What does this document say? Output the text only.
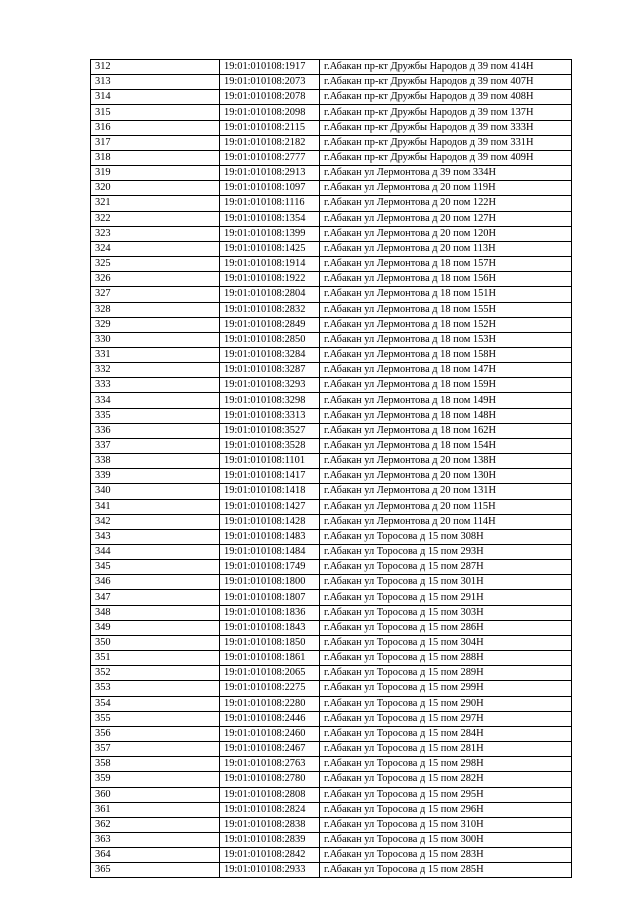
312	19:01:010108:1917	г.Абакан пр-кт Дружбы Народов д 39 пом 414Н
313	19:01:010108:2073	г.Абакан пр-кт Дружбы Народов д 39 пом 407Н
314	19:01:010108:2078	г.Абакан пр-кт Дружбы Народов д 39 пом 408Н
315	19:01:010108:2098	г.Абакан пр-кт Дружбы Народов д 39 пом 137Н
316	19:01:010108:2115	г.Абакан пр-кт Дружбы Народов д 39 пом 333Н
317	19:01:010108:2182	г.Абакан пр-кт Дружбы Народов д 39 пом 331Н
318	19:01:010108:2777	г.Абакан пр-кт Дружбы Народов д 39 пом 409Н
319	19:01:010108:2913	г.Абакан ул Лермонтова д 39 пом 334Н
320	19:01:010108:1097	г.Абакан ул Лермонтова д 20 пом 119Н
321	19:01:010108:1116	г.Абакан ул Лермонтова д 20 пом 122Н
322	19:01:010108:1354	г.Абакан ул Лермонтова д 20 пом 127Н
323	19:01:010108:1399	г.Абакан ул Лермонтова д 20 пом 120Н
324	19:01:010108:1425	г.Абакан ул Лермонтова д 20 пом 113Н
325	19:01:010108:1914	г.Абакан ул Лермонтова д 18 пом 157Н
326	19:01:010108:1922	г.Абакан ул Лермонтова д 18 пом 156Н
327	19:01:010108:2804	г.Абакан ул Лермонтова д 18 пом 151Н
328	19:01:010108:2832	г.Абакан ул Лермонтова д 18 пом 155Н
329	19:01:010108:2849	г.Абакан ул Лермонтова д 18 пом 152Н
330	19:01:010108:2850	г.Абакан ул Лермонтова д 18 пом 153Н
331	19:01:010108:3284	г.Абакан ул Лермонтова д 18 пом 158Н
332	19:01:010108:3287	г.Абакан ул Лермонтова д 18 пом 147Н
333	19:01:010108:3293	г.Абакан ул Лермонтова д 18 пом 159Н
334	19:01:010108:3298	г.Абакан ул Лермонтова д 18 пом 149Н
335	19:01:010108:3313	г.Абакан ул Лермонтова д 18 пом 148Н
336	19:01:010108:3527	г.Абакан ул Лермонтова д 18 пом 162Н
337	19:01:010108:3528	г.Абакан ул Лермонтова д 18 пом 154Н
338	19:01:010108:1101	г.Абакан ул Лермонтова д 20 пом 138Н
339	19:01:010108:1417	г.Абакан ул Лермонтова д 20 пом 130Н
340	19:01:010108:1418	г.Абакан ул Лермонтова д 20 пом 131Н
341	19:01:010108:1427	г.Абакан ул Лермонтова д 20 пом 115Н
342	19:01:010108:1428	г.Абакан ул Лермонтова д 20 пом 114Н
343	19:01:010108:1483	г.Абакан ул Торосова д 15 пом 308Н
344	19:01:010108:1484	г.Абакан ул Торосова д 15 пом 293Н
345	19:01:010108:1749	г.Абакан ул Торосова д 15 пом 287Н
346	19:01:010108:1800	г.Абакан ул Торосова д 15 пом 301Н
347	19:01:010108:1807	г.Абакан ул Торосова д 15 пом 291Н
348	19:01:010108:1836	г.Абакан ул Торосова д 15 пом 303Н
349	19:01:010108:1843	г.Абакан ул Торосова д 15 пом 286Н
350	19:01:010108:1850	г.Абакан ул Торосова д 15 пом 304Н
351	19:01:010108:1861	г.Абакан ул Торосова д 15 пом 288Н
352	19:01:010108:2065	г.Абакан ул Торосова д 15 пом 289Н
353	19:01:010108:2275	г.Абакан ул Торосова д 15 пом 299Н
354	19:01:010108:2280	г.Абакан ул Торосова д 15 пом 290Н
355	19:01:010108:2446	г.Абакан ул Торосова д 15 пом 297Н
356	19:01:010108:2460	г.Абакан ул Торосова д 15 пом 284Н
357	19:01:010108:2467	г.Абакан ул Торосова д 15 пом 281Н
358	19:01:010108:2763	г.Абакан ул Торосова д 15 пом 298Н
359	19:01:010108:2780	г.Абакан ул Торосова д 15 пом 282Н
360	19:01:010108:2808	г.Абакан ул Торосова д 15 пом 295Н
361	19:01:010108:2824	г.Абакан ул Торосова д 15 пом 296Н
362	19:01:010108:2838	г.Абакан ул Торосова д 15 пом 310Н
363	19:01:010108:2839	г.Абакан ул Торосова д 15 пом 300Н
364	19:01:010108:2842	г.Абакан ул Торосова д 15 пом 283Н
365	19:01:010108:2933	г.Абакан ул Торосова д 15 пом 285Н
